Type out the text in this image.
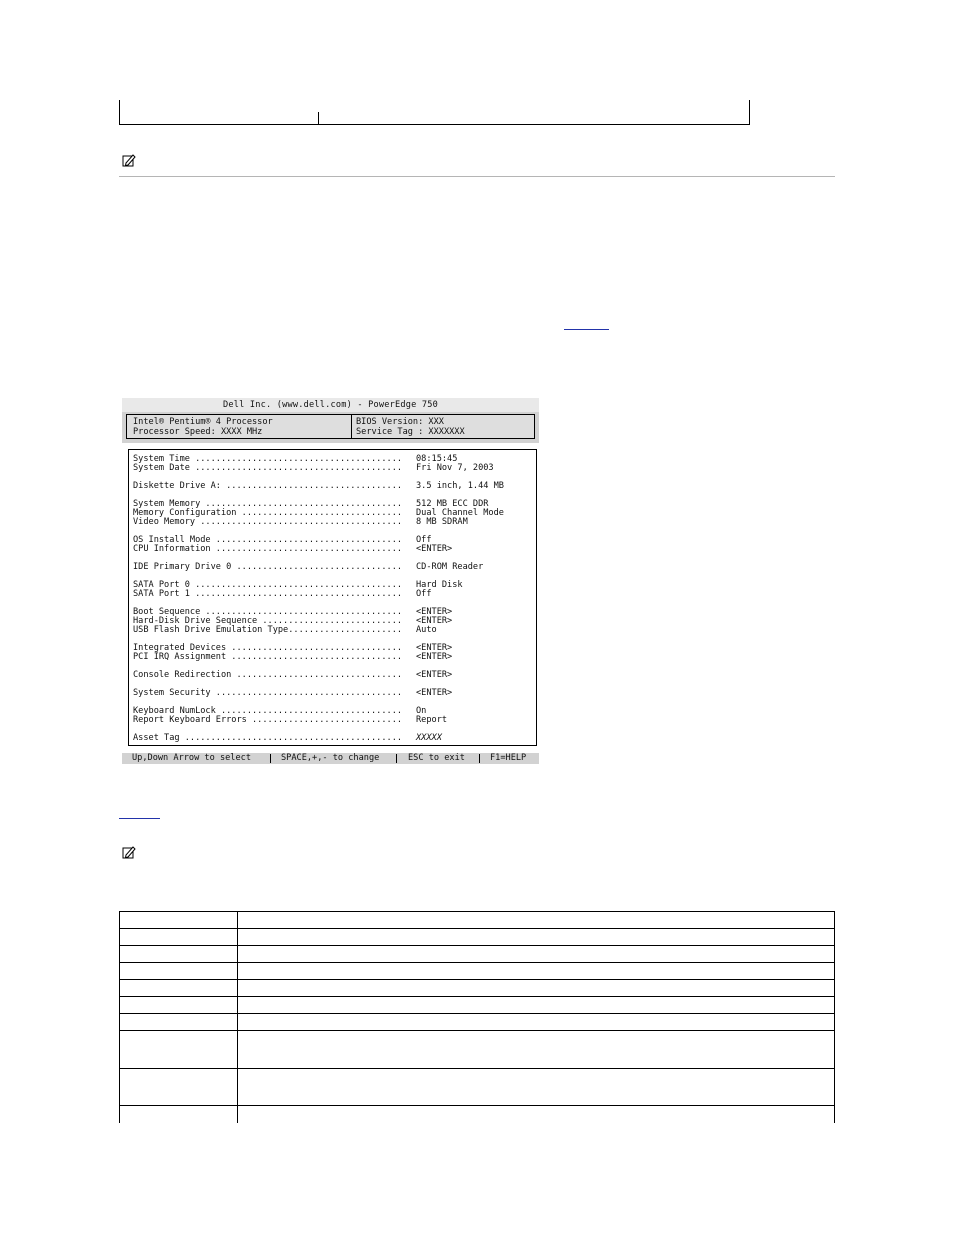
Dell Inc. (www.dell.com) - PowerEdge 750
Intel® Pentium® 4 Processor
Processor Speed: XXXX MHz
BIOS Version: XXX
Service Tag : XXXXXXX
System Time ........................................ 08:15:45
System Date ........................................ Fri Nov 7, 2003
Diskette Drive A: .................................. 3.5 inch, 1.44 MB
System Memory ...................................... 512 MB ECC DDR
Memory Configuration ............................... Dual Channel Mode
Video Memory ....................................... 8 MB SDRAM
OS Install Mode .................................... Off
CPU Information .................................... <ENTER>
IDE Primary Drive 0 ................................ CD-ROM Reader
SATA Port 0 ........................................ Hard Disk
SATA Port 1 ........................................ Off
Boot Sequence ...................................... <ENTER>
Hard-Disk Drive Sequence ........................... <ENTER>
USB Flash Drive Emulation Type...................... Auto
Integrated Devices ................................. <ENTER>
PCI IRQ Assignment ................................. <ENTER>
Console Redirection ................................ <ENTER>
System Security .................................... <ENTER>
Keyboard NumLock ................................... On
Report Keyboard Errors ............................. Report
Asset Tag .......................................... XXXXX
Up,Down Arrow to select	SPACE,+,- to change	ESC to exit	F1=HELP
